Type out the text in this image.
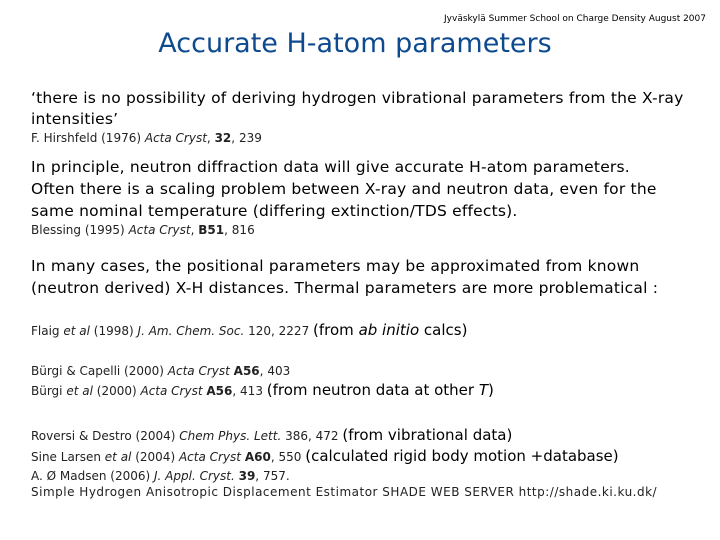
Jyväskylä Summer School on Charge Density August 2007
Accurate H-atom parameters
‘there is no possibility of deriving hydrogen vibrational parameters from the X-ray
intensities’
F. Hirshfeld (1976) Acta Cryst, 32, 239
In principle, neutron diffraction data will give accurate H-atom parameters.
Often there is a scaling problem between X-ray and neutron data, even for the
same nominal temperature (differing extinction/TDS effects).
Blessing (1995) Acta Cryst, B51, 816
In many cases, the positional parameters may be approximated from known
(neutron derived) X-H distances. Thermal parameters are more problematical :
Flaig et al (1998) J. Am. Chem. Soc. 120, 2227 (from ab initio calcs)
Bürgi & Capelli (2000) Acta Cryst A56, 403
Bürgi et al (2000) Acta Cryst A56, 413 (from neutron data at other T)
Roversi & Destro (2004) Chem Phys. Lett. 386, 472 (from vibrational data)
Sine Larsen et al (2004) Acta Cryst A60, 550 (calculated rigid body motion +database)
A. Ø Madsen (2006) J. Appl. Cryst. 39, 757.
Simple Hydrogen Anisotropic Displacement Estimator SHADE WEB SERVER http://shade.ki.ku.dk/
